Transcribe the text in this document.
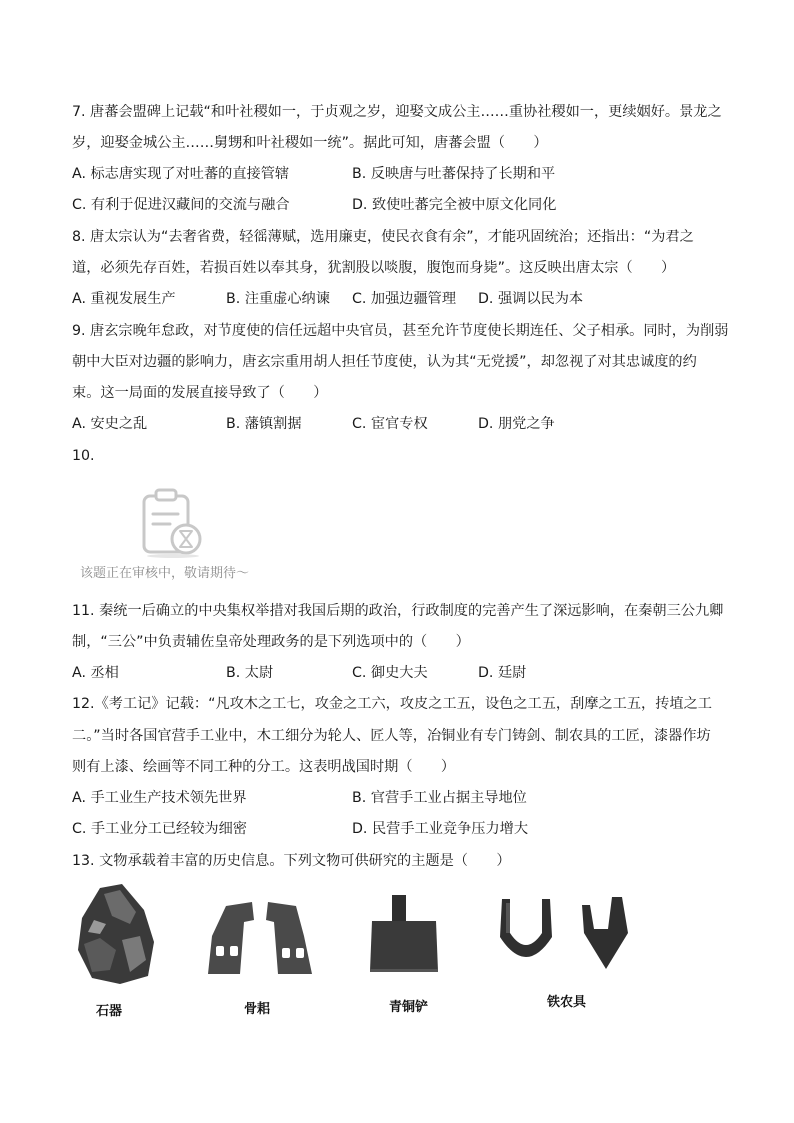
7. 唐蕃会盟碑上记载“和叶社稷如一，于贞观之岁，迎娶文成公主……重协社稷如一，更续姻好。景龙之
岁，迎娶金城公主……舅甥和叶社稷如一统”。据此可知，唐蕃会盟（　　）
A. 标志唐实现了对吐蕃的直接管辖	B. 反映唐与吐蕃保持了长期和平
C. 有利于促进汉藏间的交流与融合	D. 致使吐蕃完全被中原文化同化
8. 唐太宗认为“去奢省费，轻徭薄赋，选用廉吏，使民衣食有余”，才能巩固统治；还指出：“为君之
道，必须先存百姓，若损百姓以奉其身，犹割股以啖腹，腹饱而身毙”。这反映出唐太宗（　　）
A. 重视发展生产	B. 注重虚心纳谏 C. 加强边疆管理 D. 强调以民为本
9. 唐玄宗晚年怠政，对节度使的信任远超中央官员，甚至允许节度使长期连任、父子相承。同时，为削弱
朝中大臣对边疆的影响力，唐玄宗重用胡人担任节度使，认为其“无党援”，却忽视了对其忠诚度的约
束。这一局面的发展直接导致了（　　）
A. 安史之乱	B. 藩镇割据	C. 宦官专权	D. 朋党之争
10.
该题正在审核中，敬请期待～
11. 秦统一后确立的中央集权举措对我国后期的政治，行政制度的完善产生了深远影响，在秦朝三公九卿
制，“三公”中负责辅佐皇帝处理政务的是下列选项中的（　　）
A. 丞相	B. 太尉	C. 御史大夫	D. 廷尉
12.《考工记》记载：“凡攻木之工七，攻金之工六，攻皮之工五，设色之工五，刮摩之工五，抟埴之工
二。”当时各国官营手工业中，木工细分为轮人、匠人等，冶铜业有专门铸剑、制农具的工匠，漆器作坊
则有上漆、绘画等不同工种的分工。这表明战国时期（　　）
A. 手工业生产技术领先世界	B. 官营手工业占据主导地位
C. 手工业分工已经较为细密	D. 民营手工业竞争压力增大
13. 文物承载着丰富的历史信息。下列文物可供研究的主题是（　　）
石器	骨耜	青铜铲	铁农具
